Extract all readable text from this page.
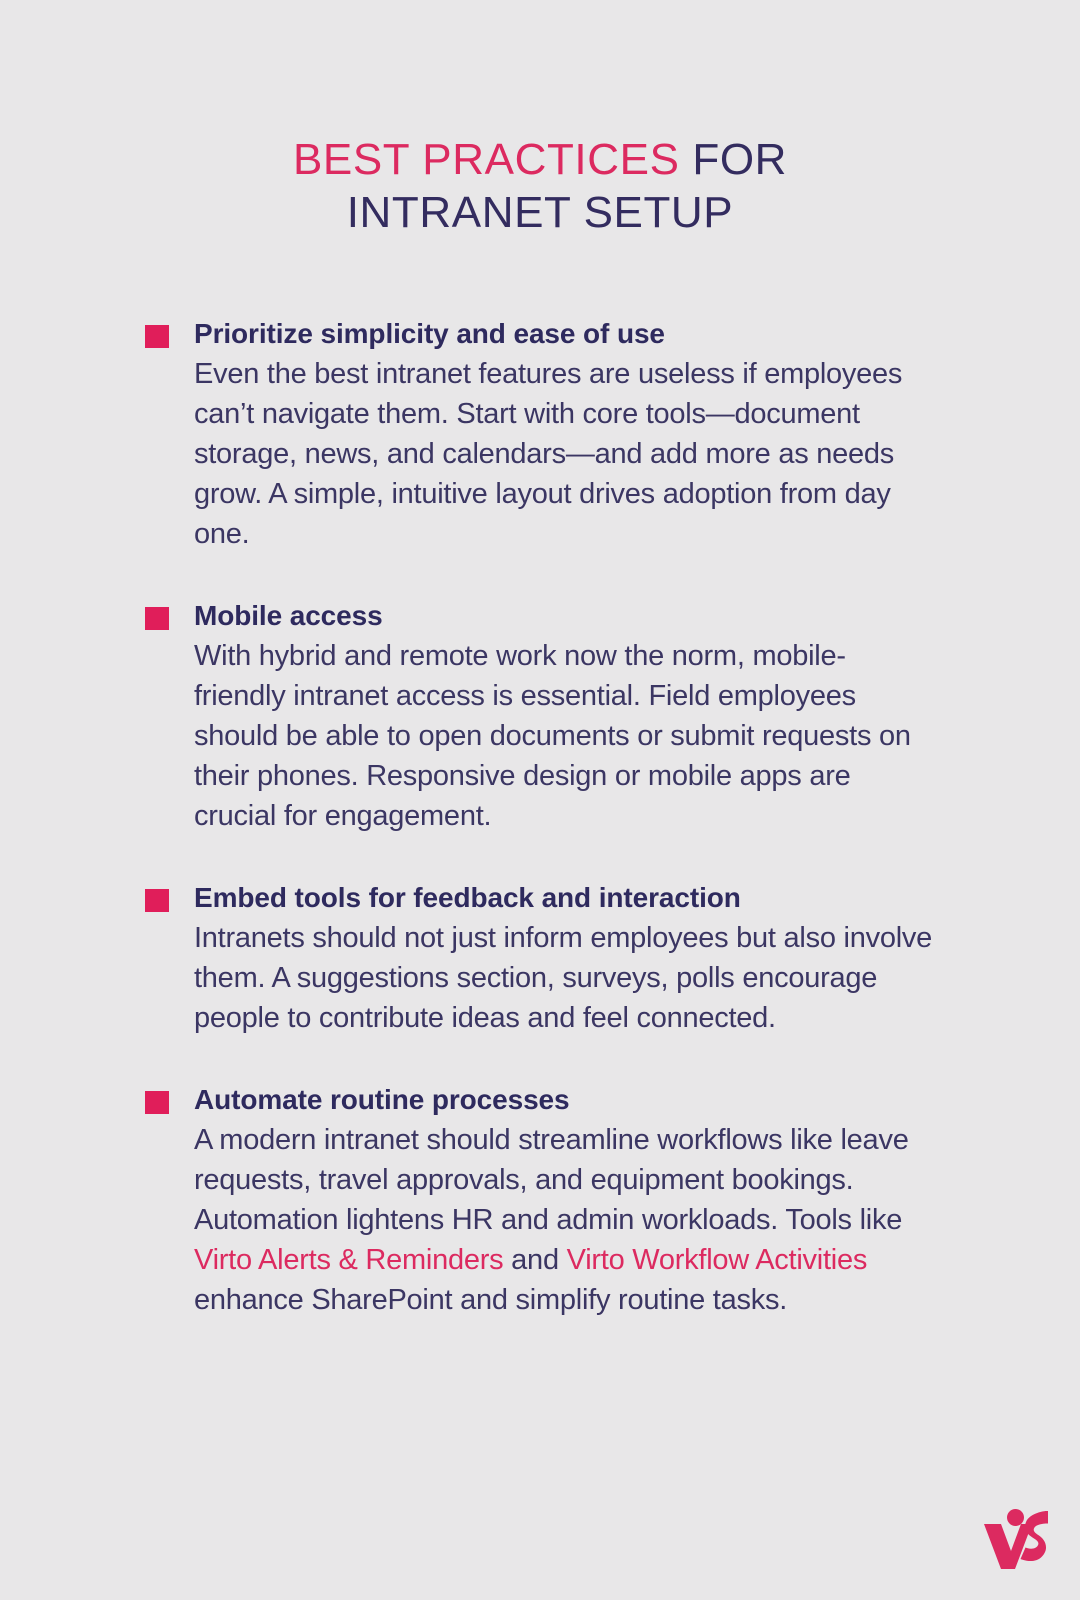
BEST PRACTICES FOR
INTRANET SETUP
Prioritize simplicity and ease of use
Even the best intranet features are useless if employees can’t navigate them. Start with core tools—document storage, news, and calendars—and add more as needs grow. A simple, intuitive layout drives adoption from day one.
Mobile access
With hybrid and remote work now the norm, mobile-friendly intranet access is essential. Field employees should be able to open documents or submit requests on their phones. Responsive design or mobile apps are crucial for engagement.
Embed tools for feedback and interaction
Intranets should not just inform employees but also involve them. A suggestions section, surveys, polls encourage people to contribute ideas and feel connected.
Automate routine processes
A modern intranet should streamline workflows like leave requests, travel approvals, and equipment bookings. Automation lightens HR and admin workloads. Tools like Virto Alerts & Reminders and Virto Workflow Activities enhance SharePoint and simplify routine tasks.
